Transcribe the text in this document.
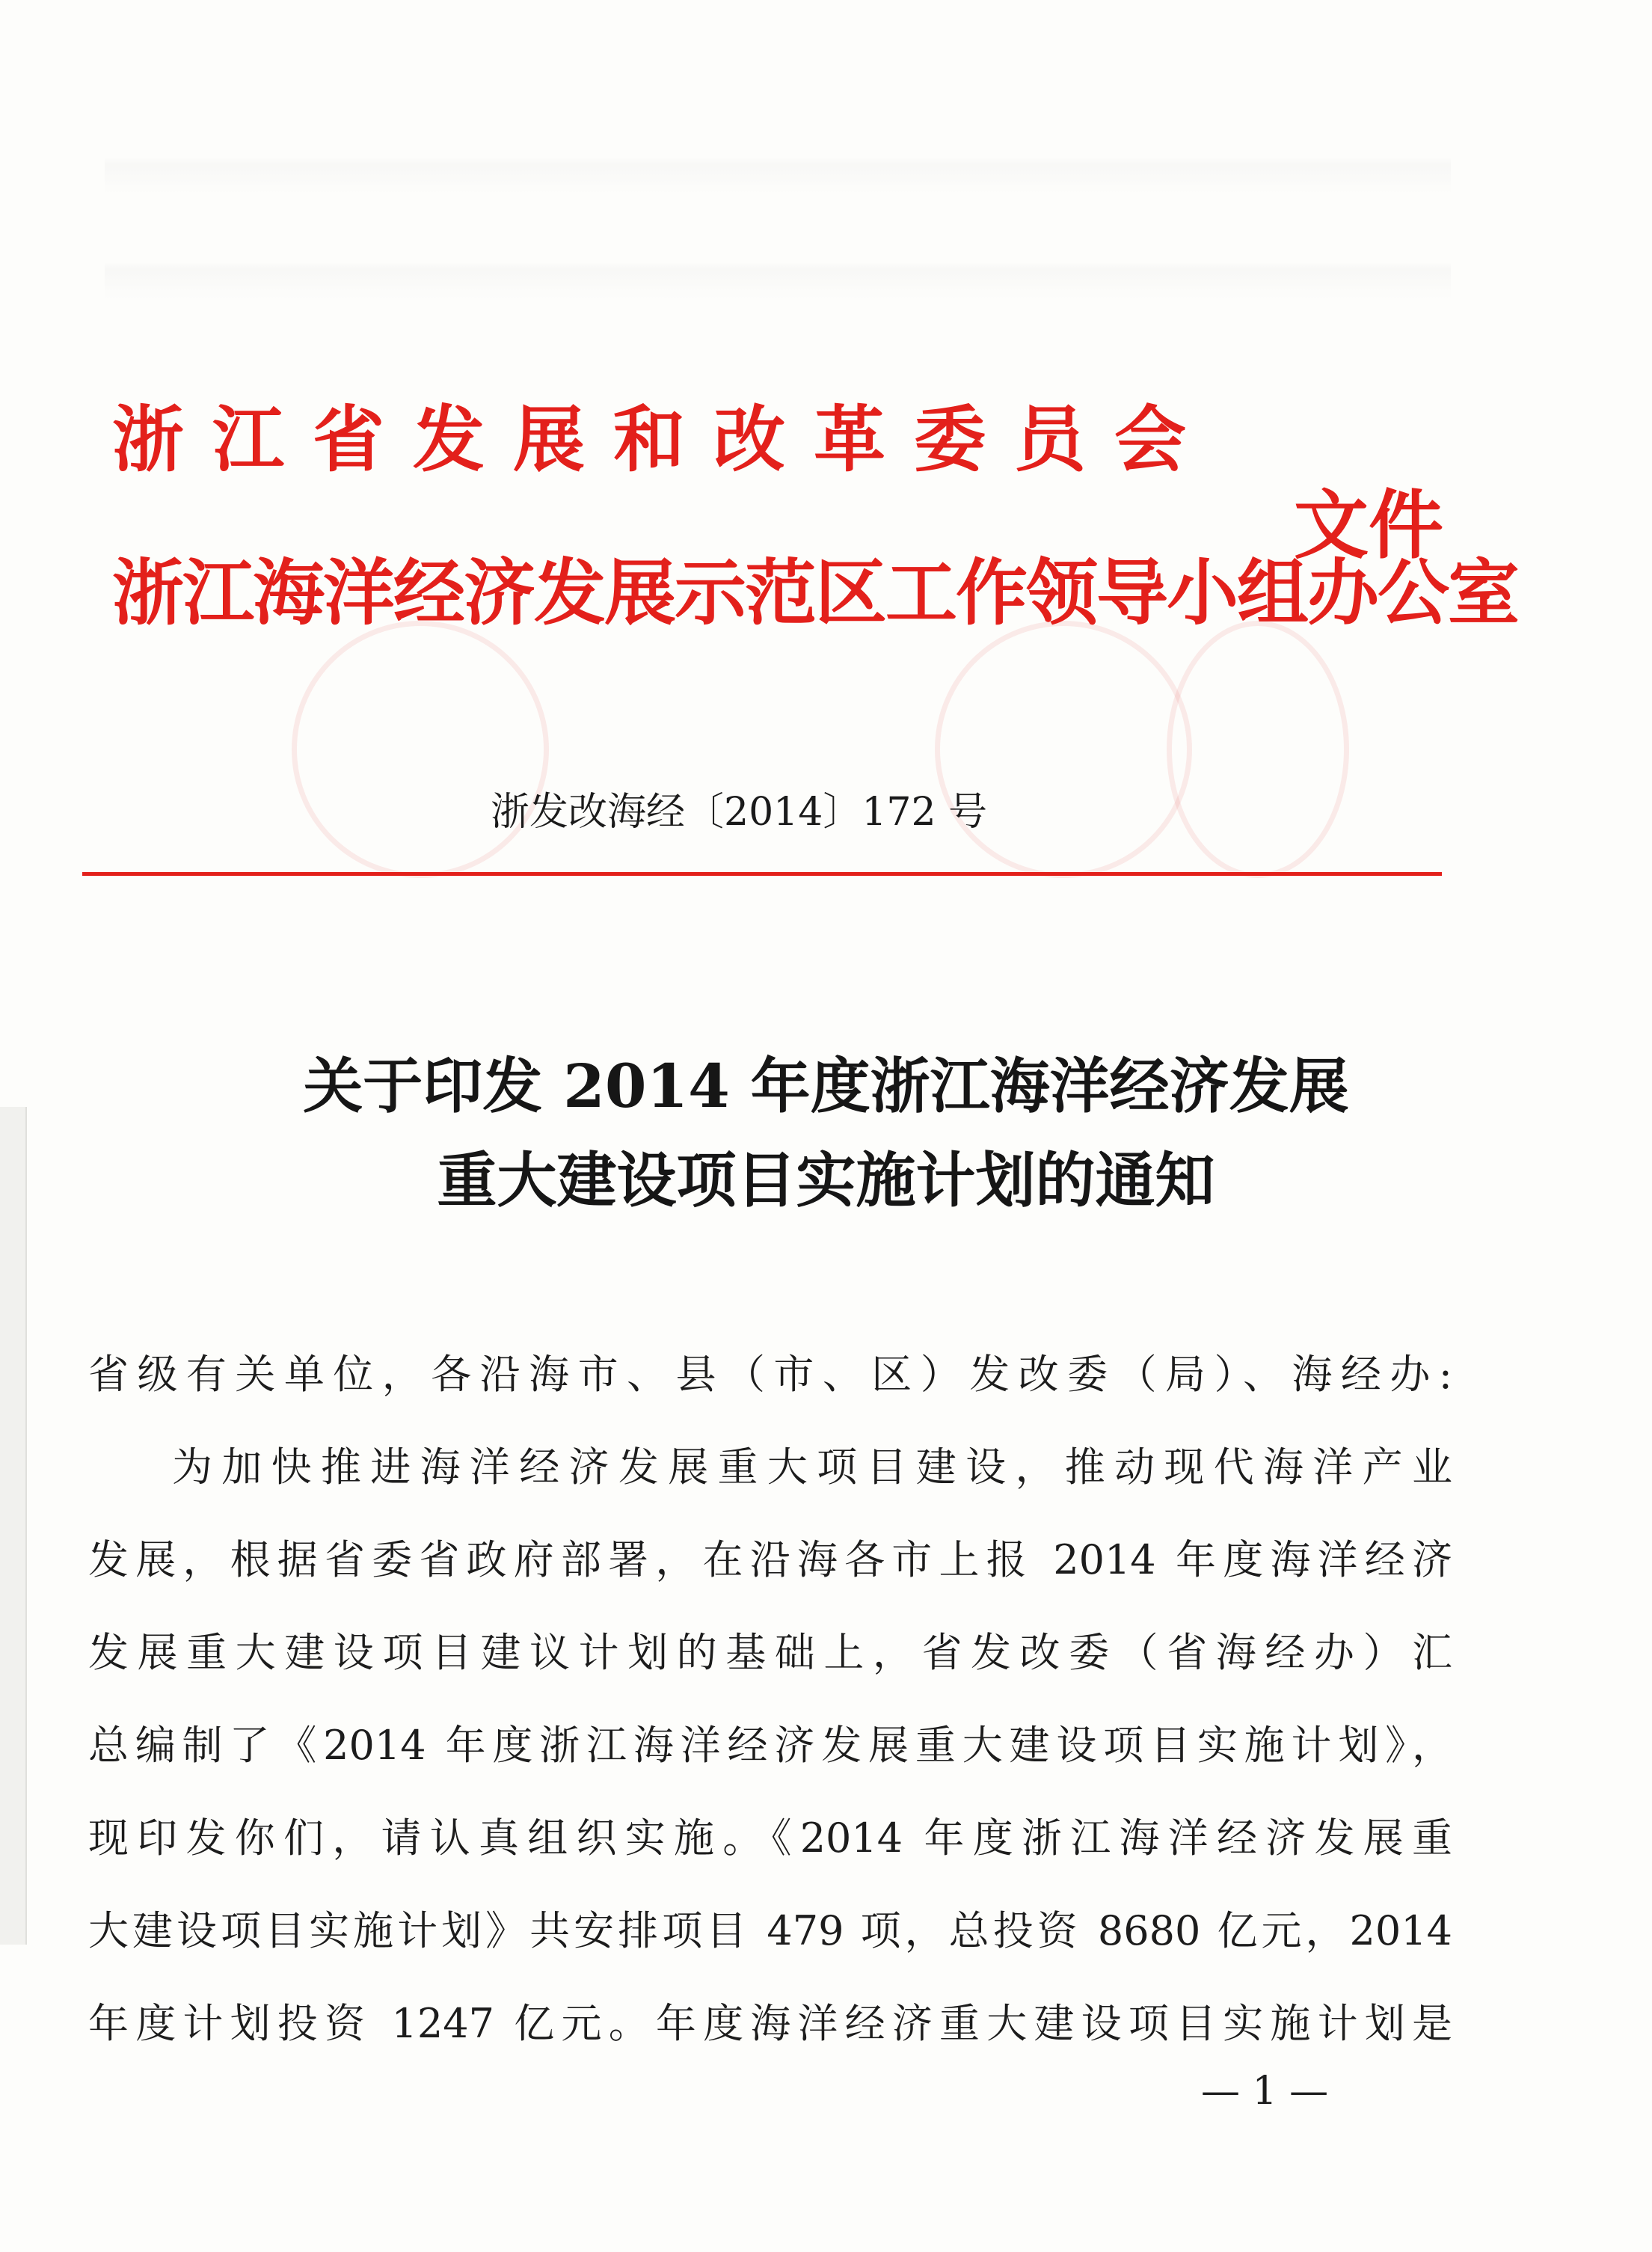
浙江省发展和改革委员会
浙江海洋经济发展示范区工作领导小组办公室
文件
浙发改海经〔2014〕172 号
关于印发 2014 年度浙江海洋经济发展
重大建设项目实施计划的通知
省级有关单位，各沿海市、县（市、区）发改委（局）、海经办:
为加快推进海洋经济发展重大项目建设，推动现代海洋产业
发展，根据省委省政府部署，在沿海各市上报 2014 年度海洋经济
发展重大建设项目建议计划的基础上，省发改委（省海经办）汇
总编制了《2014 年度浙江海洋经济发展重大建设项目实施计划》，
现印发你们，请认真组织实施。《2014 年度浙江海洋经济发展重
大建设项目实施计划》共安排项目 479 项，总投资 8680 亿元，2014
年度计划投资 1247 亿元。年度海洋经济重大建设项目实施计划是
— 1 —
